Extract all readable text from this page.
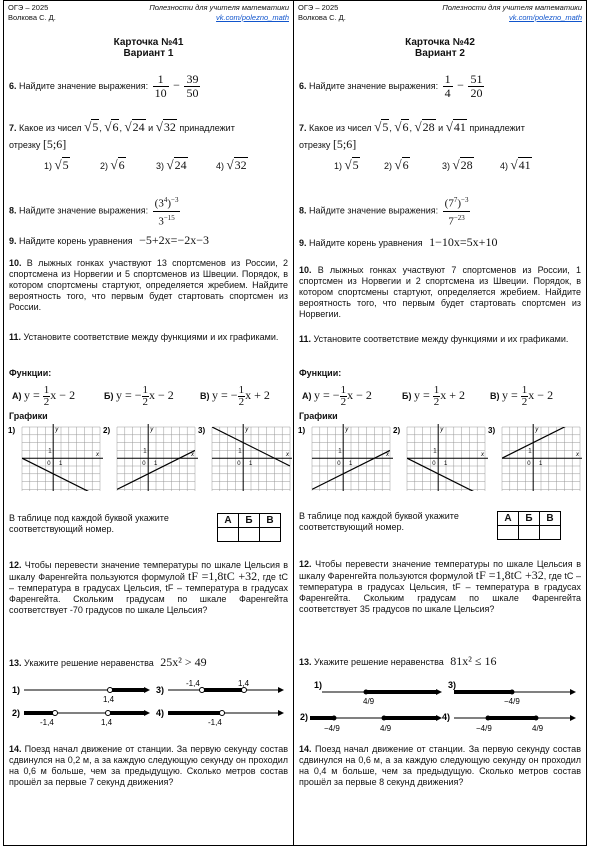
ОГЭ – 2025
Волкова С. Д.
Полезности для учителя математики
vk.com/polezno_math
Карточка №41
Вариант 1
6. Найдите значение выражения: $\frac{1}{10} - \frac{39}{50}$
7. Какое из чисел √5, √6, √24 и √32 принадлежит
отрезку [5;6]
1) √5	2) √6	3) √24	4) √32
8. Найдите значение выражения: $\frac{(3^4)^{-3}}{3^{-15}}$
9. Найдите корень уравнения −5+2x=−2x−3
10. В лыжных гонках участвуют 13 спортсменов из России, 2 спортсмена из Норвегии и 5 спортсменов из Швеции. Порядок, в котором спортсмены стартуют, определяется жребием. Найдите вероятность того, что первым будет стартовать спортсмен из России.
11. Установите соответствие между функциями и их графиками.
Функции:
А) $y = \frac{1}{2}$ x − 2	Б) y = − $\frac{1}{2}$ x − 2	В) y = − $\frac{1}{2}$ x + 2
Графики
1)
x
y
0 1
1
2)
x
y
0 1
1
3)
x
y
0 1
1
В таблице под каждой буквой укажите соответствующий номер.
А	Б	В

12. Чтобы перевести значение температуры по шкале Цельсия в шкалу Фаренгейта пользуются формулой tF =1,8tC +32, где tC – температура в градусах Цельсия, tF – температура в градусах Фаренгейта. Скольким градусам по шкале Фаренгейта соответствует -70 градусов по шкале Цельсия?
13. Укажите решение неравенства 25x² > 49
1)
1,4
3)
-1,4	1,4
2)
-1,4	1,4
4)
-1,4
14. Поезд начал движение от станции. За первую секунду состав сдвинулся на 0,2 м, а за каждую следующую секунду он проходил на 0,6 м больше, чем за предыдущую. Сколько метров состав прошёл за первые 7 секунд движения?
ОГЭ – 2025
Волкова С. Д.
Полезности для учителя математики
vk.com/polezno_math
Карточка №42
Вариант 2
6. Найдите значение выражения: $\frac{1}{4} - \frac{51}{20}$
7. Какое из чисел √5, √6, √28 и √41 принадлежит
отрезку [5;6]
1) √5	2) √6	3) √28	4) √41
8. Найдите значение выражения: $\frac{(7^7)^{-3}}{7^{-23}}$
9. Найдите корень уравнения 1−10x=5x+10
10. В лыжных гонках участвуют 7 спортсменов из России, 1 спортсмен из Норвегии и 2 спортсмена из Швеции. Порядок, в котором спортсмены стартуют, определяется жребием. Найдите вероятность того, что первым будет стартовать спортсмен из Норвегии.
11. Установите соответствие между функциями и их графиками.
Функции:
А) y = − $\frac{1}{2}$ x − 2	Б) $y = \frac{1}{2}$ x + 2	В) $y = \frac{1}{2}$ x − 2
Графики
1)
x
y
0 1
1
2)
x
y
0 1
1
3)
x
y
0 1
1
В таблице под каждой буквой укажите соответствующий номер.
А	Б	В

12. Чтобы перевести значение температуры по шкале Цельсия в шкалу Фаренгейта пользуются формулой tF =1,8tC +32, где tC – температура в градусах Цельсия, tF – температура в градусах Фаренгейта. Скольким градусам по шкале Фаренгейта соответствует 35 градусов по шкале Цельсия?
13. Укажите решение неравенства 81x² ≤ 16
1)
4/9
3)
−4/9
2)
−4/9	4/9
4)
−4/9	4/9
14. Поезд начал движение от станции. За первую секунду состав сдвинулся на 0,6 м, а за каждую следующую секунду он проходил на 0,4 м больше, чем за предыдущую. Сколько метров состав прошёл за первые 8 секунд движения?
